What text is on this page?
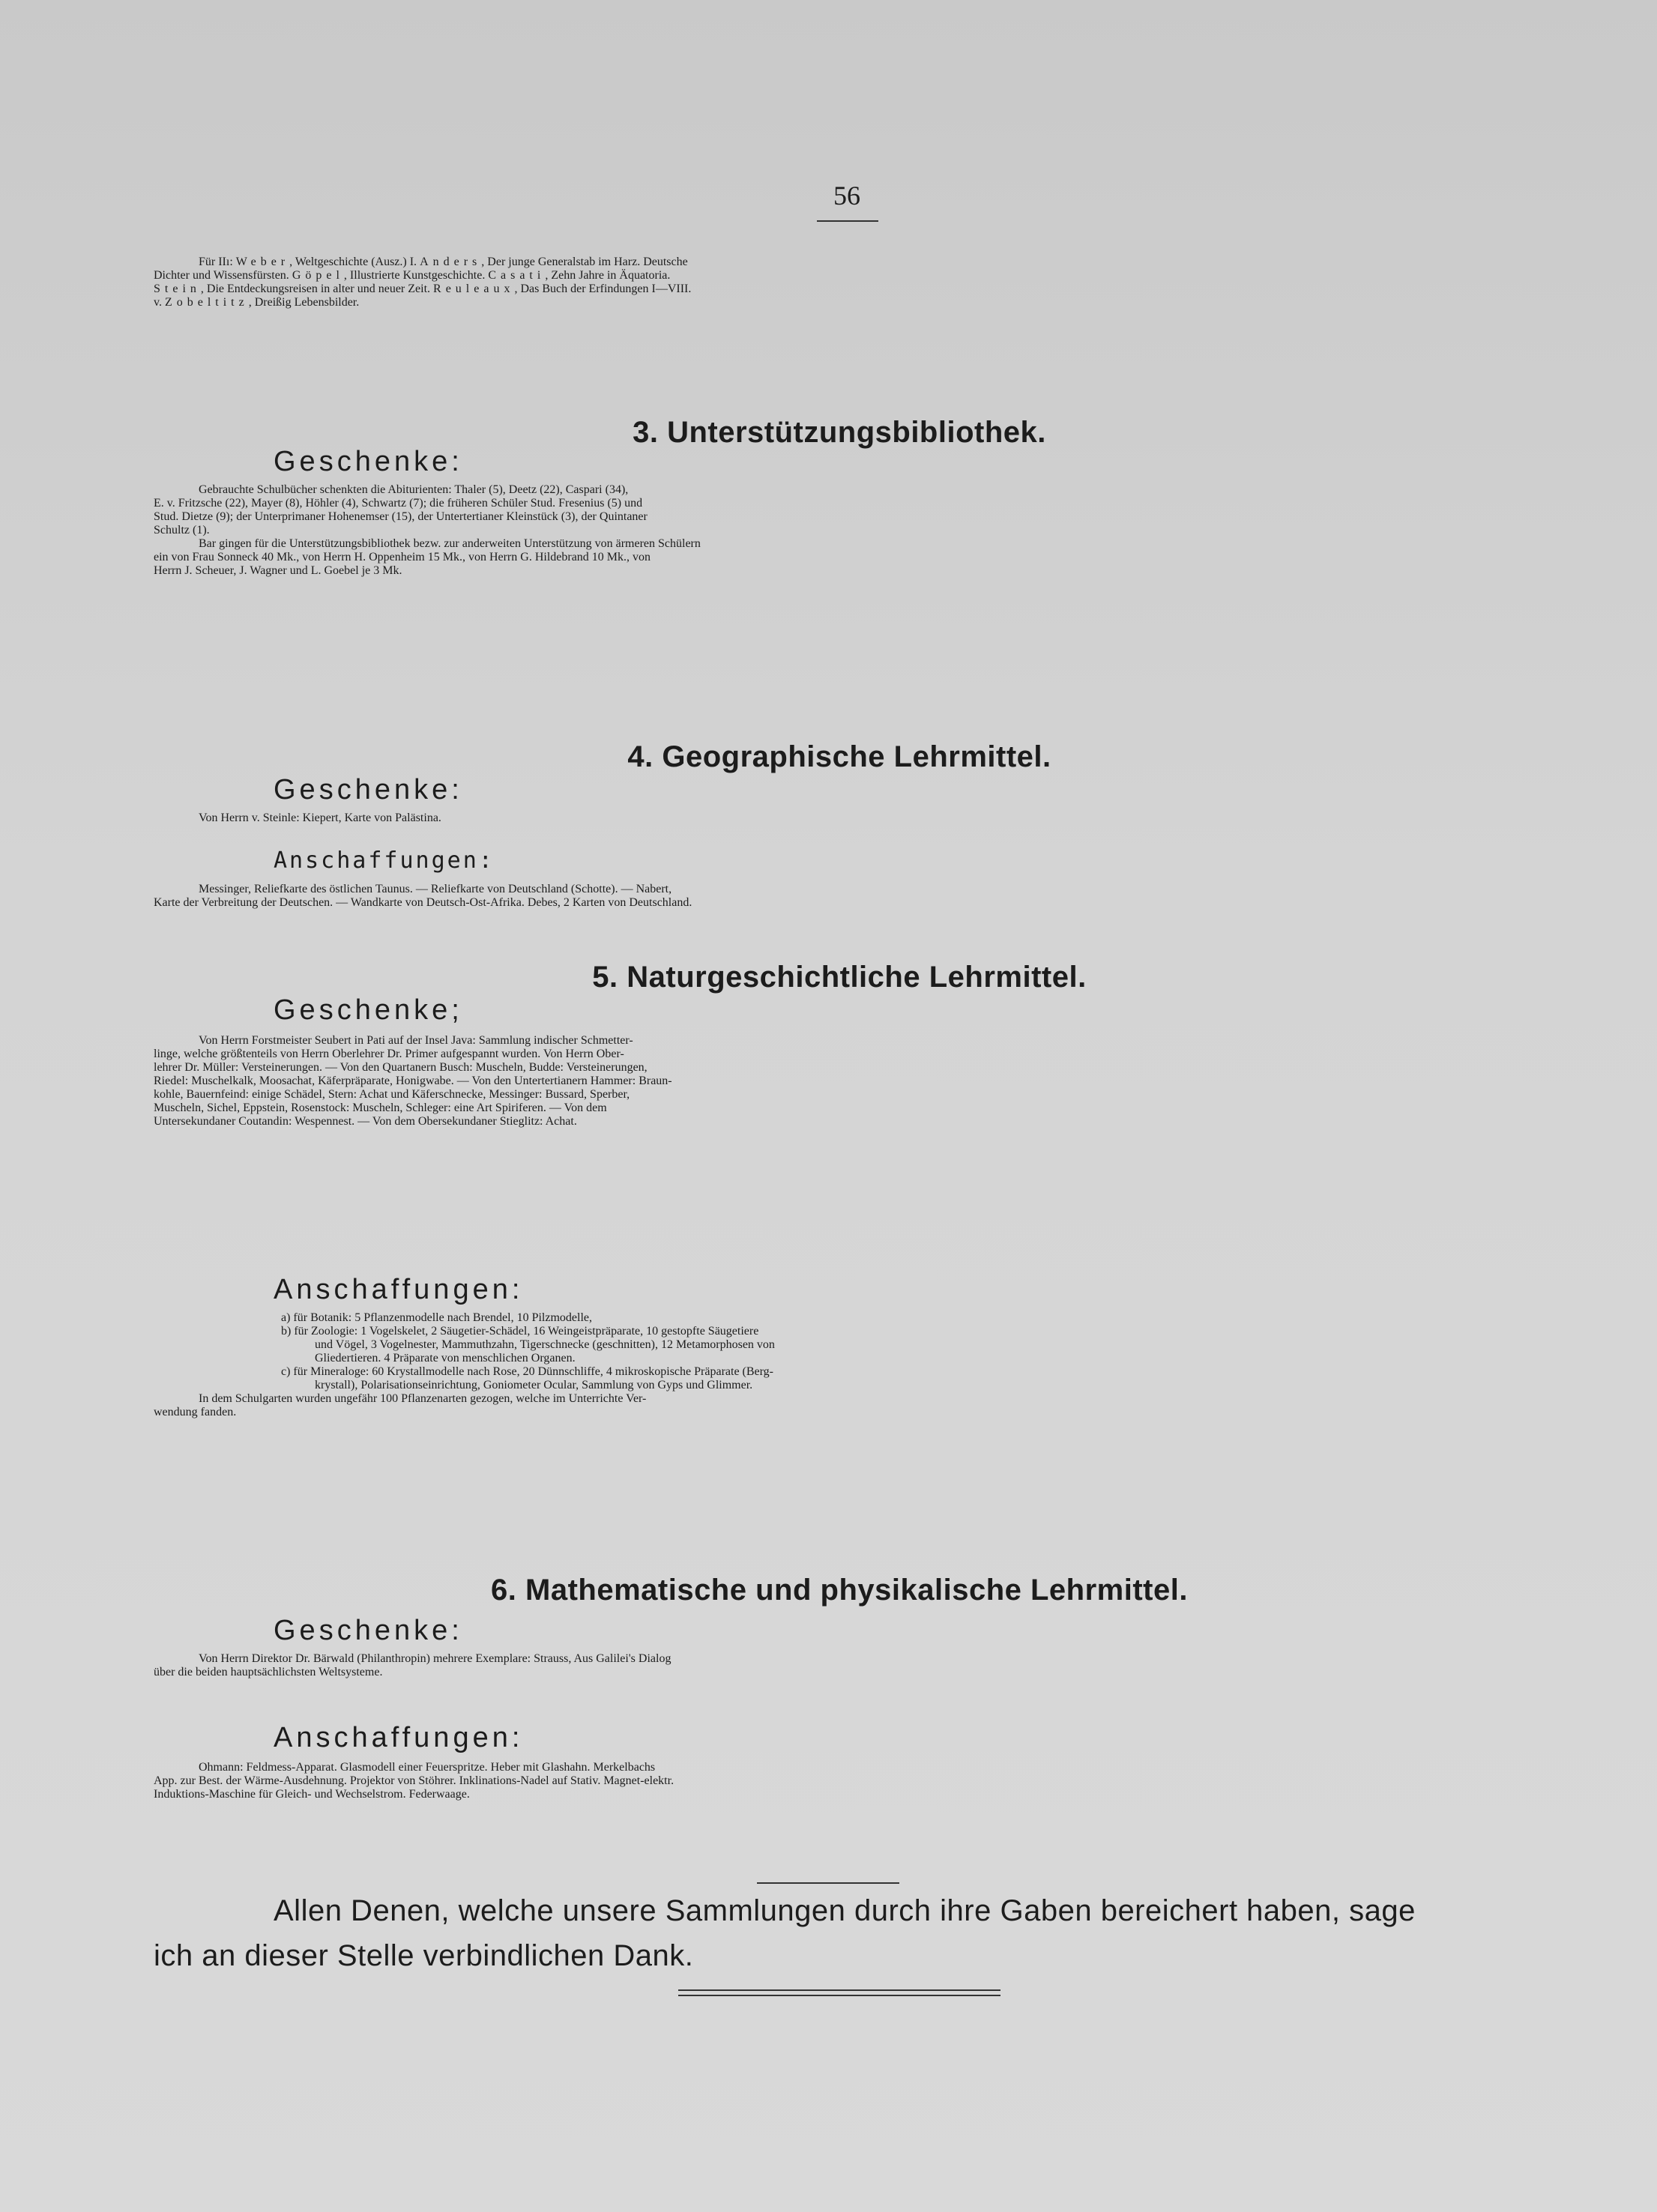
56

Für IIı: Weber, Weltgeschichte (Ausz.) I. Anders, Der junge Generalstab im Harz. Deutsche

Dichter und Wissensfürsten. Göpel, Illustrierte Kunstgeschichte. Casati, Zehn Jahre in Äquatoria.

Stein, Die Entdeckungsreisen in alter und neuer Zeit. Reuleaux, Das Buch der Erfindungen I—VIII.

v. Zobeltitz, Dreißig Lebensbilder.

3. Unterstützungsbibliothek.
Geschenke:

Gebrauchte Schulbücher schenkten die Abiturienten: Thaler (5), Deetz (22), Caspari (34),

E. v. Fritzsche (22), Mayer (8), Höhler (4), Schwartz (7); die früheren Schüler Stud. Fresenius (5) und

Stud. Dietze (9); der Unterprimaner Hohenemser (15), der Untertertianer Kleinstück (3), der Quintaner

Schultz (1).

Bar gingen für die Unterstützungsbibliothek bezw. zur anderweiten Unterstützung von ärmeren Schülern

ein von Frau Sonneck 40 Mk., von Herrn H. Oppenheim 15 Mk., von Herrn G. Hildebrand 10 Mk., von

Herrn J. Scheuer, J. Wagner und L. Goebel je 3 Mk.

4. Geographische Lehrmittel.
Geschenke:

Von Herrn v. Steinle: Kiepert, Karte von Palästina.

Anschaffungen:

Messinger, Reliefkarte des östlichen Taunus. — Reliefkarte von Deutschland (Schotte). — Nabert,

Karte der Verbreitung der Deutschen. — Wandkarte von Deutsch-Ost-Afrika. Debes, 2 Karten von Deutschland.

5. Naturgeschichtliche Lehrmittel.
Geschenke;

Von Herrn Forstmeister Seubert in Pati auf der Insel Java: Sammlung indischer Schmetter-

linge, welche größtenteils von Herrn Oberlehrer Dr. Primer aufgespannt wurden. Von Herrn Ober-

lehrer Dr. Müller: Versteinerungen. — Von den Quartanern Busch: Muscheln, Budde: Versteinerungen,

Riedel: Muschelkalk, Moosachat, Käferpräparate, Honigwabe. — Von den Untertertianern Hammer: Braun-

kohle, Bauernfeind: einige Schädel, Stern: Achat und Käferschnecke, Messinger: Bussard, Sperber,

Muscheln, Sichel, Eppstein, Rosenstock: Muscheln, Schleger: eine Art Spiriferen. — Von dem

Untersekundaner Coutandin: Wespennest. — Von dem Obersekundaner Stieglitz: Achat.

Anschaffungen:

a) für Botanik: 5 Pflanzenmodelle nach Brendel, 10 Pilzmodelle,

b) für Zoologie: 1 Vogelskelet, 2 Säugetier-Schädel, 16 Weingeistpräparate, 10 gestopfte Säugetiere

und Vögel, 3 Vogelnester, Mammuthzahn, Tigerschnecke (geschnitten), 12 Metamorphosen von

Gliedertieren. 4 Präparate von menschlichen Organen.

c) für Mineraloge: 60 Krystallmodelle nach Rose, 20 Dünnschliffe, 4 mikroskopische Präparate (Berg-

krystall), Polarisationseinrichtung, Goniometer Ocular, Sammlung von Gyps und Glimmer.

In dem Schulgarten wurden ungefähr 100 Pflanzenarten gezogen, welche im Unterrichte Ver-

wendung fanden.

6. Mathematische und physikalische Lehrmittel.
Geschenke:

Von Herrn Direktor Dr. Bärwald (Philanthropin) mehrere Exemplare: Strauss, Aus Galilei's Dialog

über die beiden hauptsächlichsten Weltsysteme.

Anschaffungen:

Ohmann: Feldmess-Apparat. Glasmodell einer Feuerspritze. Heber mit Glashahn. Merkelbachs

App. zur Best. der Wärme-Ausdehnung. Projektor von Stöhrer. Inklinations-Nadel auf Stativ. Magnet-elektr.

Induktions-Maschine für Gleich- und Wechselstrom. Federwaage.

Allen Denen, welche unsere Sammlungen durch ihre Gaben bereichert haben, sage
ich an dieser Stelle verbindlichen Dank.
